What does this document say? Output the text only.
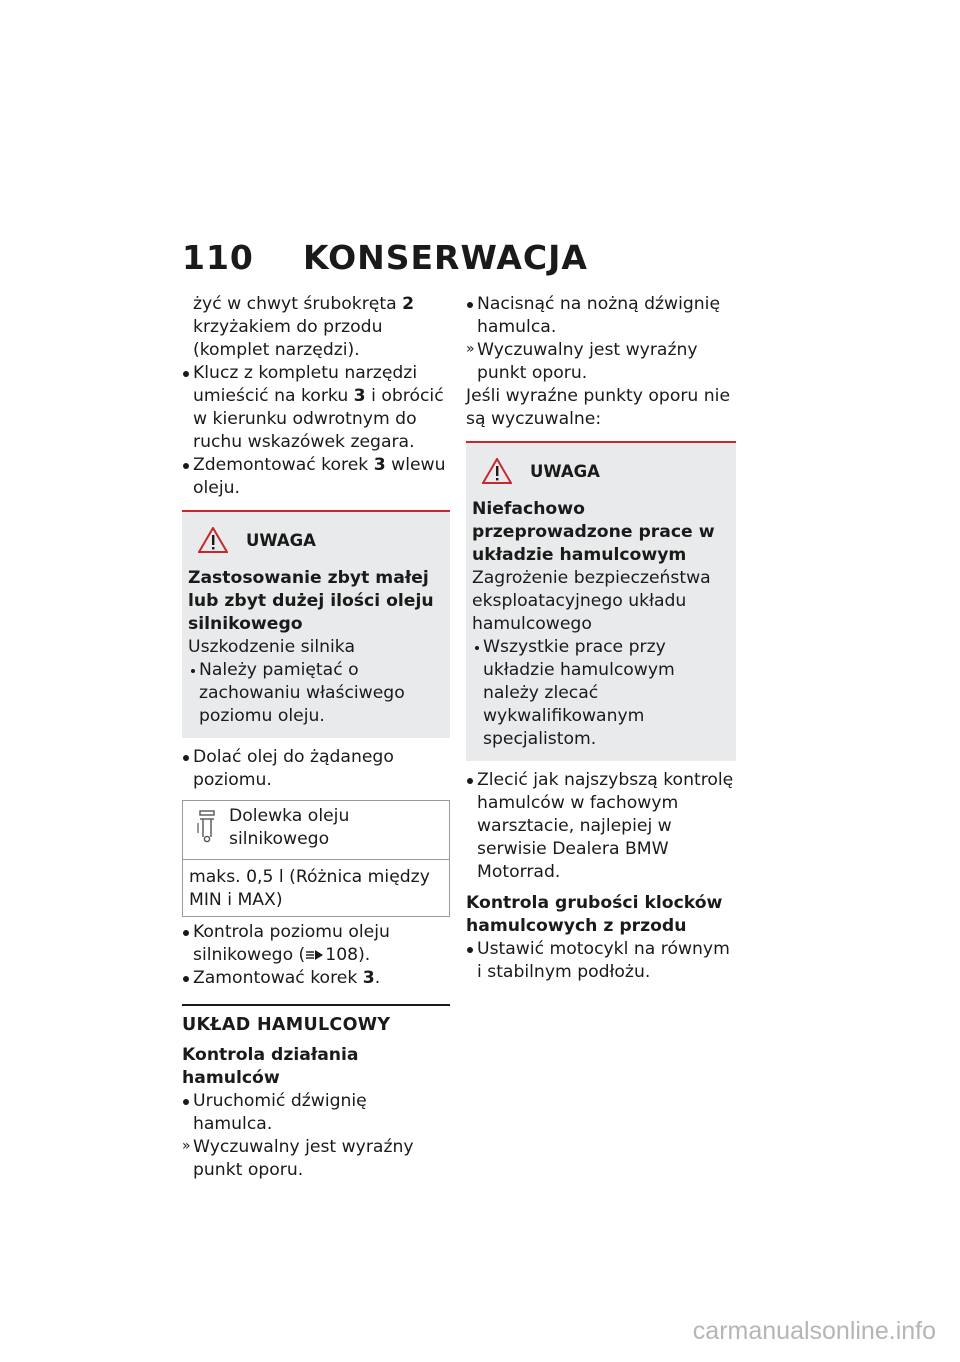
110 KONSERWACJA

żyć w chwyt śrubokręta 2 krzyżakiem do przodu (komplet narzędzi).

Klucz z kompletu narzędzi umieścić na korku 3 i obrócić w kierunku odwrotnym do ruchu wskazówek zegara.

Zdemontować korek 3 wlewu oleju.

UWAGA

Zastosowanie zbyt małej lub zbyt dużej ilości oleju silnikowego

Uszkodzenie silnika

Należy pamiętać o zachowaniu właściwego poziomu oleju.

Dolać olej do żądanego poziomu.

Dolewka oleju silnikowego

maks. 0,5 l (Różnica między MIN i MAX)

Kontrola poziomu oleju silnikowego ( 108).

Zamontować korek 3.

UKŁAD HAMULCOWY

Kontrola działania hamulców

Uruchomić dźwignię hamulca.

» Wyczuwalny jest wyraźny punkt oporu.

Nacisnąć na nożną dźwignię hamulca.

» Wyczuwalny jest wyraźny punkt oporu.

Jeśli wyraźne punkty oporu nie są wyczuwalne:

UWAGA

Niefachowo przeprowadzone prace w układzie hamulcowym

Zagrożenie bezpieczeństwa eksploatacyjnego układu hamulcowego

Wszystkie prace przy układzie hamulcowym należy zlecać wykwalifikowanym specjalistom.

Zlecić jak najszybszą kontrolę hamulców w fachowym warsztacie, najlepiej w serwisie Dealera BMW Motorrad.

Kontrola grubości klocków hamulcowych z przodu

Ustawić motocykl na równym i stabilnym podłożu.

carmanualsonline.info
